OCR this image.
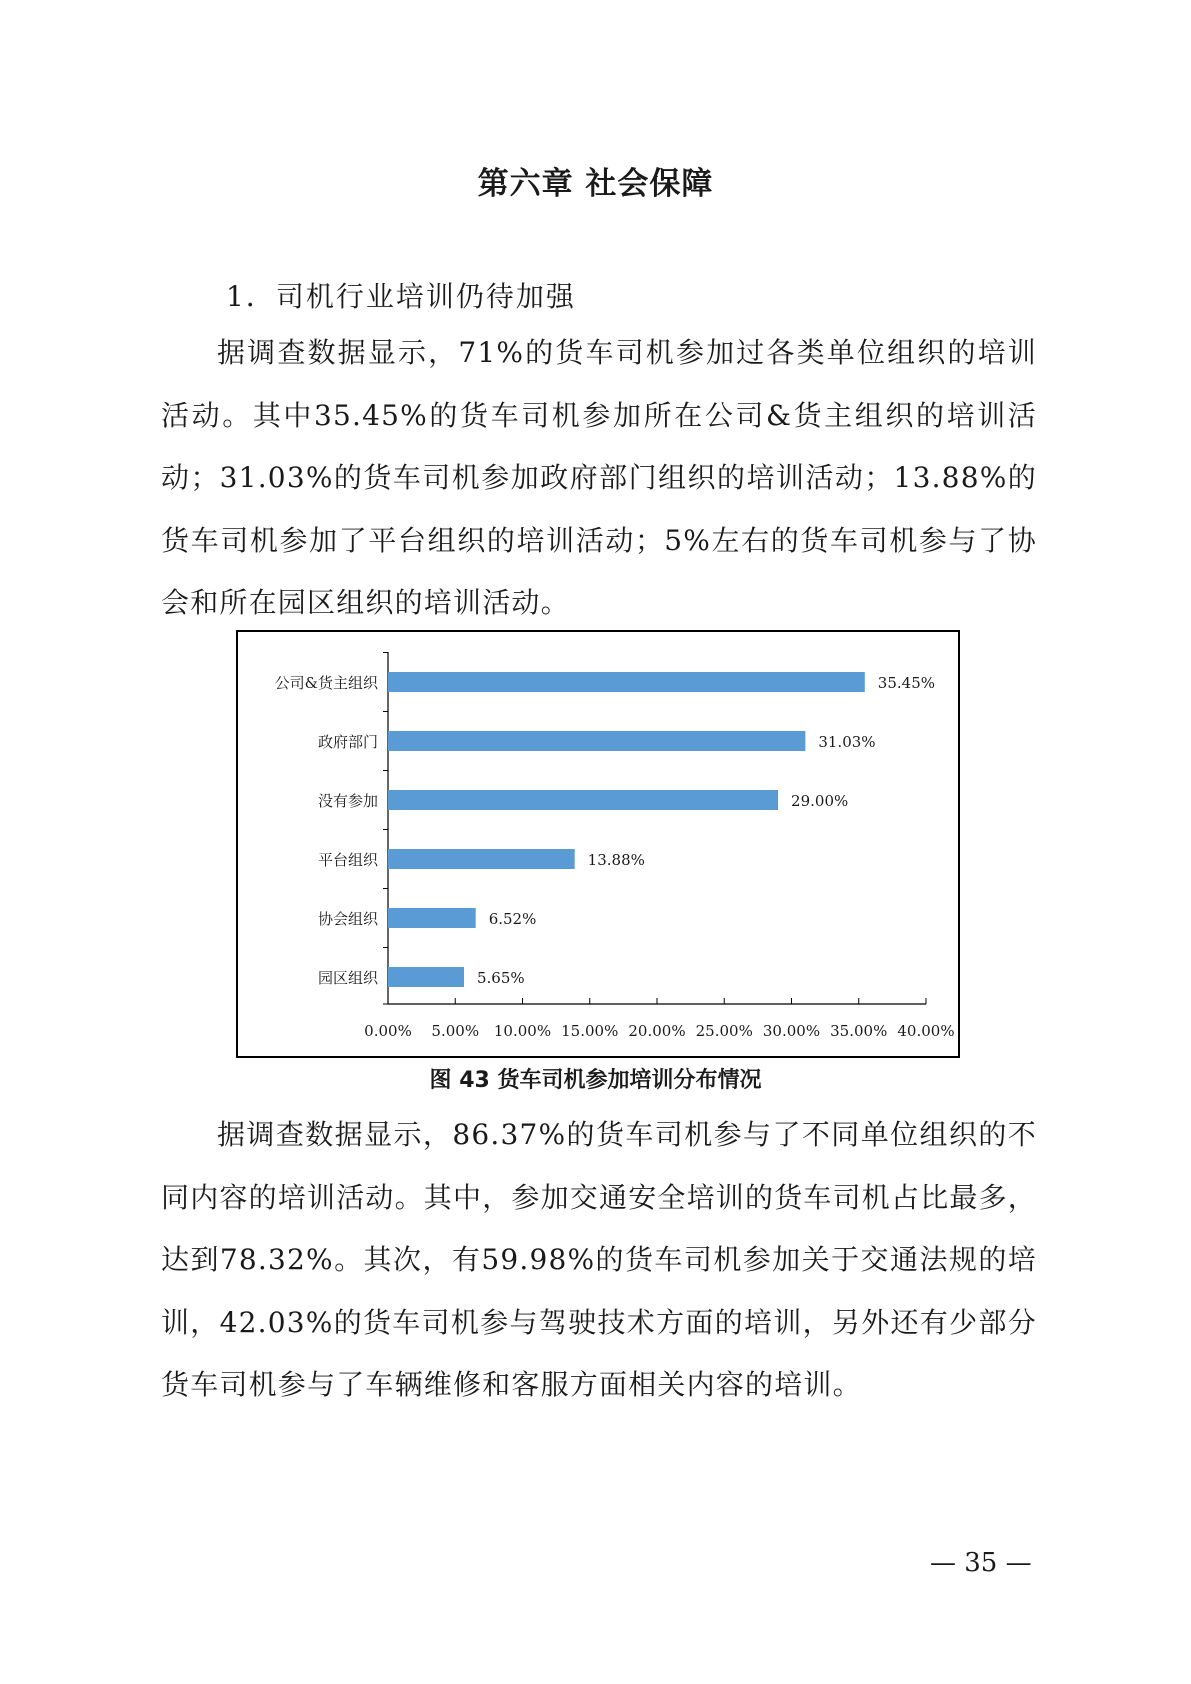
第六章 社会保障
1．司机行业培训仍待加强

据调查数据显示，71%的货车司机参加过各类单位组织的培训活动。其中35.45%的货车司机参加所在公司&货主组织的培训活动；31.03%的货车司机参加政府部门组织的培训活动；13.88%的货车司机参加了平台组织的培训活动；5%左右的货车司机参与了协会和所在园区组织的培训活动。

公司&货主组织	35.45%
政府部门	31.03%
没有参加	29.00%
平台组织	13.88%
协会组织	6.52%
园区组织	5.65%
0.00% 5.00% 10.00% 15.00% 20.00% 25.00% 30.00% 35.00% 40.00%
图 43 货车司机参加培训分布情况

据调查数据显示，86.37%的货车司机参与了不同单位组织的不同内容的培训活动。其中，参加交通安全培训的货车司机占比最多，达到78.32%。其次，有59.98%的货车司机参加关于交通法规的培训，42.03%的货车司机参与驾驶技术方面的培训，另外还有少部分货车司机参与了车辆维修和客服方面相关内容的培训。

— 35 —
